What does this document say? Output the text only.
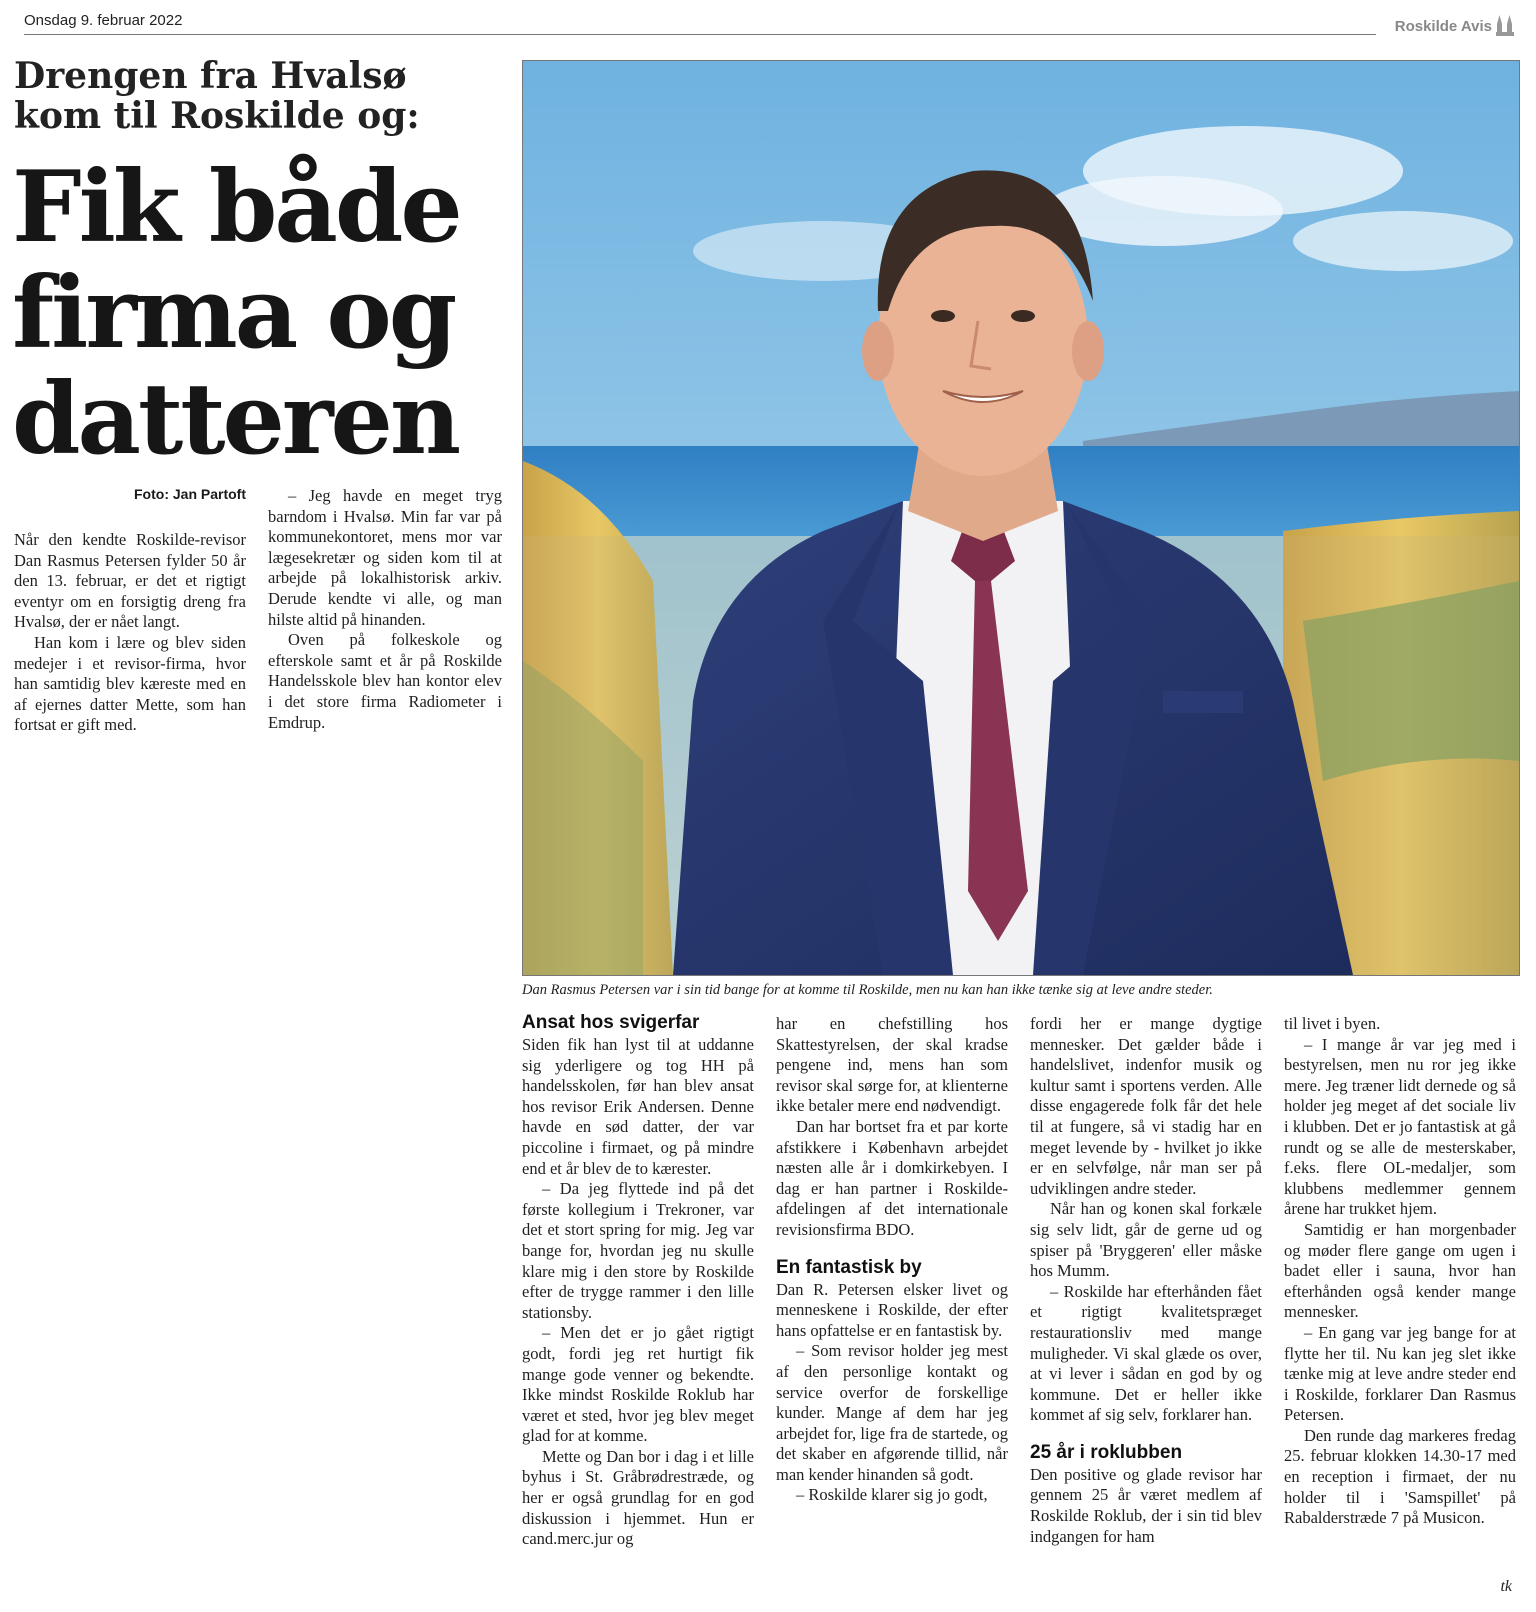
Onsdag 9. februar 2022	Roskilde Avis
Drengen fra Hvalsø kom til Roskilde og:
Fik både firma og datteren
Dan Rasmus Petersen var i sin tid bange for at komme til Roskilde, men nu kan han ikke tænke sig at leve andre steder.
Foto: Jan Partoft

Når den kendte Roskilde-revisor Dan Rasmus Petersen fylder 50 år den 13. februar, er det et rigtigt eventyr om en forsigtig dreng fra Hvalsø, der er nået langt.

Han kom i lære og blev siden medejer i et revisor-firma, hvor han samtidig blev kæreste med en af ejernes datter Mette, som han fortsat er gift med.

– Jeg havde en meget tryg barndom i Hvalsø. Min far var på kommunekontoret, mens mor var lægesekretær og siden kom til at arbejde på lokalhistorisk arkiv. Derude kendte vi alle, og man hilste altid på hinanden.

Oven på folkeskole og efterskole samt et år på Roskilde Handelsskole blev han kontor elev i det store firma Radiometer i Emdrup.

Ansat hos svigerfar

Siden fik han lyst til at uddanne sig yderligere og tog HH på handelsskolen, før han blev ansat hos revisor Erik Andersen. Denne havde en sød datter, der var piccoline i firmaet, og på mindre end et år blev de to kærester.

– Da jeg flyttede ind på det første kollegium i Trekroner, var det et stort spring for mig. Jeg var bange for, hvordan jeg nu skulle klare mig i den store by Roskilde efter de trygge rammer i den lille stationsby.

– Men det er jo gået rigtigt godt, fordi jeg ret hurtigt fik mange gode venner og bekendte. Ikke mindst Roskilde Roklub har været et sted, hvor jeg blev meget glad for at komme.

Mette og Dan bor i dag i et lille byhus i St. Gråbrødrestræde, og her er også grundlag for en god diskussion i hjemmet. Hun er cand.merc.jur og

har en chefstilling hos Skattestyrelsen, der skal kradse pengene ind, mens han som revisor skal sørge for, at klienterne ikke betaler mere end nødvendigt.

Dan har bortset fra et par korte afstikkere i København arbejdet næsten alle år i domkirkebyen. I dag er han partner i Roskilde-afdelingen af det internationale revisionsfirma BDO.

En fantastisk by

Dan R. Petersen elsker livet og menneskene i Roskilde, der efter hans opfattelse er en fantastisk by.

– Som revisor holder jeg mest af den personlige kontakt og service overfor de forskellige kunder. Mange af dem har jeg arbejdet for, lige fra de startede, og det skaber en afgørende tillid, når man kender hinanden så godt.

– Roskilde klarer sig jo godt,

fordi her er mange dygtige mennesker. Det gælder både i handelslivet, indenfor musik og kultur samt i sportens verden. Alle disse engagerede folk får det hele til at fungere, så vi stadig har en meget levende by - hvilket jo ikke er en selvfølge, når man ser på udviklingen andre steder.

Når han og konen skal forkæle sig selv lidt, går de gerne ud og spiser på 'Bryggeren' eller måske hos Mumm.

– Roskilde har efterhånden fået et rigtigt kvalitetspræget restaurationsliv med mange muligheder. Vi skal glæde os over, at vi lever i sådan en god by og kommune. Det er heller ikke kommet af sig selv, forklarer han.

25 år i roklubben

Den positive og glade revisor har gennem 25 år været medlem af Roskilde Roklub, der i sin tid blev indgangen for ham

til livet i byen.

– I mange år var jeg med i bestyrelsen, men nu ror jeg ikke mere. Jeg træner lidt dernede og så holder jeg meget af det sociale liv i klubben. Det er jo fantastisk at gå rundt og se alle de mesterskaber, f.eks. flere OL-medaljer, som klubbens medlemmer gennem årene har trukket hjem.

Samtidig er han morgenbader og møder flere gange om ugen i badet eller i sauna, hvor han efterhånden også kender mange mennesker.

– En gang var jeg bange for at flytte her til. Nu kan jeg slet ikke tænke mig at leve andre steder end i Roskilde, forklarer Dan Rasmus Petersen.

Den runde dag markeres fredag 25. februar klokken 14.30-17 med en reception i firmaet, der nu holder til i 'Samspillet' på Rabalderstræde 7 på Musicon.

tk
